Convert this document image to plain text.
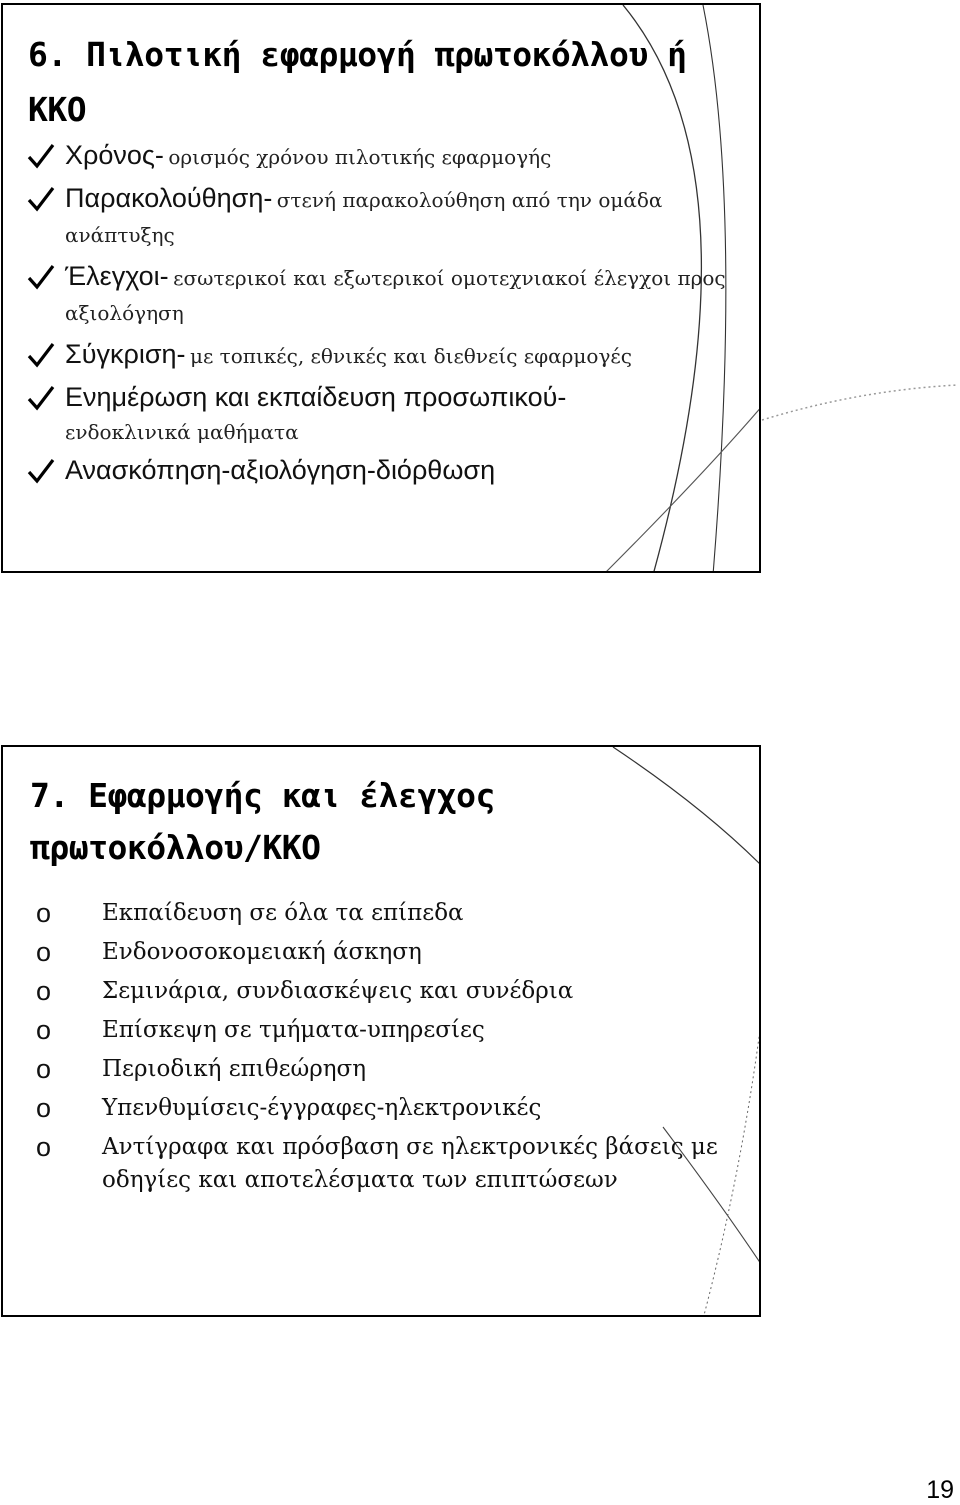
6. Πιλοτική εφαρμογή πρωτοκόλλου ή ΚΚΟ
Χρόνος- ορισμός χρόνου πιλοτικής εφαρμογής
Παρακολούθηση- στενή παρακολούθηση από την ομάδα ανάπτυξης
Έλεγχοι- εσωτερικοί και εξωτερικοί ομοτεχνιακοί έλεγχοι προς αξιολόγηση
Σύγκριση- με τοπικές, εθνικές και διεθνείς εφαρμογές
Ενημέρωση και εκπαίδευση προσωπικού-
ενδοκλινικά μαθήματα
Ανασκόπηση-αξιολόγηση-διόρθωση
7. Εφαρμογής και έλεγχος πρωτοκόλλου/ΚΚΟ
o Εκπαίδευση σε όλα τα επίπεδα
o Ενδονοσοκομειακή άσκηση
o Σεμινάρια, συνδιασκέψεις και συνέδρια
o Επίσκεψη σε τμήματα-υπηρεσίες
o Περιοδική επιθεώρηση
o Υπενθυμίσεις-έγγραφες-ηλεκτρονικές
o Αντίγραφα και πρόσβαση σε ηλεκτρονικές βάσεις με οδηγίες και αποτελέσματα των επιπτώσεων
19
